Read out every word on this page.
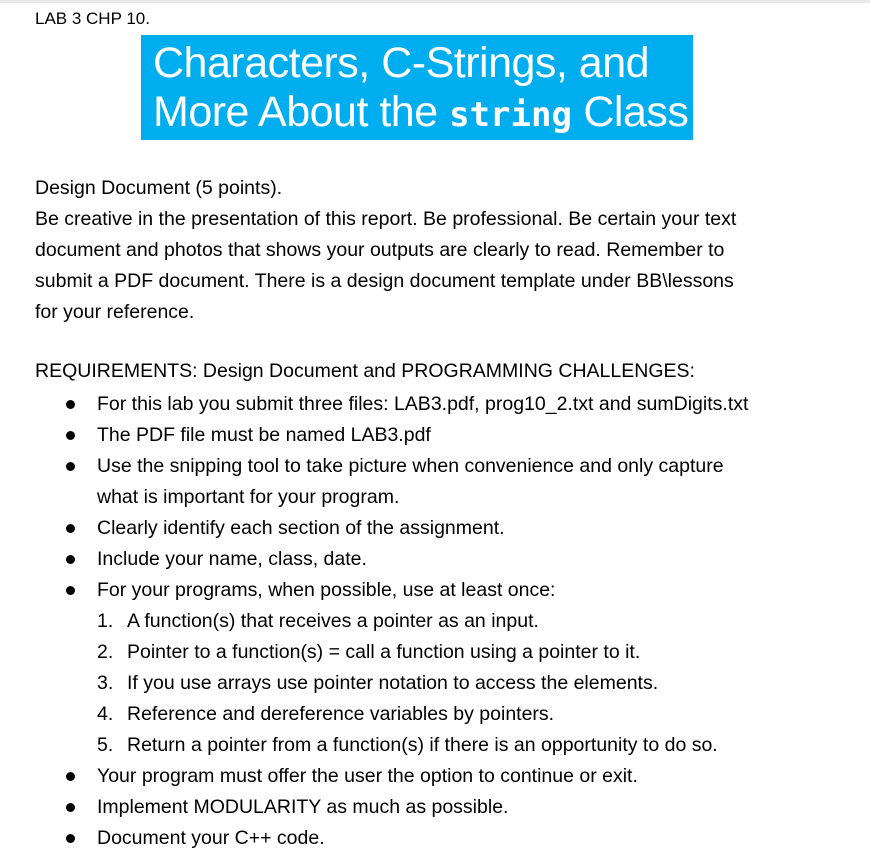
LAB 3 CHP 10.
Characters, C-Strings, and
More About the string Class

Design Document (5 points).

Be creative in the presentation of this report. Be professional. Be certain your text

document and photos that shows your outputs are clearly to read. Remember to

submit a PDF document. There is a design document template under BB\lessons

for your reference.

REQUIREMENTS: Design Document and PROGRAMMING CHALLENGES:

For this lab you submit three files: LAB3.pdf, prog10_2.txt and sumDigits.txt
The PDF file must be named LAB3.pdf
Use the snipping tool to take picture when convenience and only capture
what is important for your program.
Clearly identify each section of the assignment.
Include your name, class, date.
For your programs, when possible, use at least once:
1. A function(s) that receives a pointer as an input.
2. Pointer to a function(s) = call a function using a pointer to it.
3. If you use arrays use pointer notation to access the elements.
4. Reference and dereference variables by pointers.
5. Return a pointer from a function(s) if there is an opportunity to do so.
Your program must offer the user the option to continue or exit.
Implement MODULARITY as much as possible.
Document your C++ code.
